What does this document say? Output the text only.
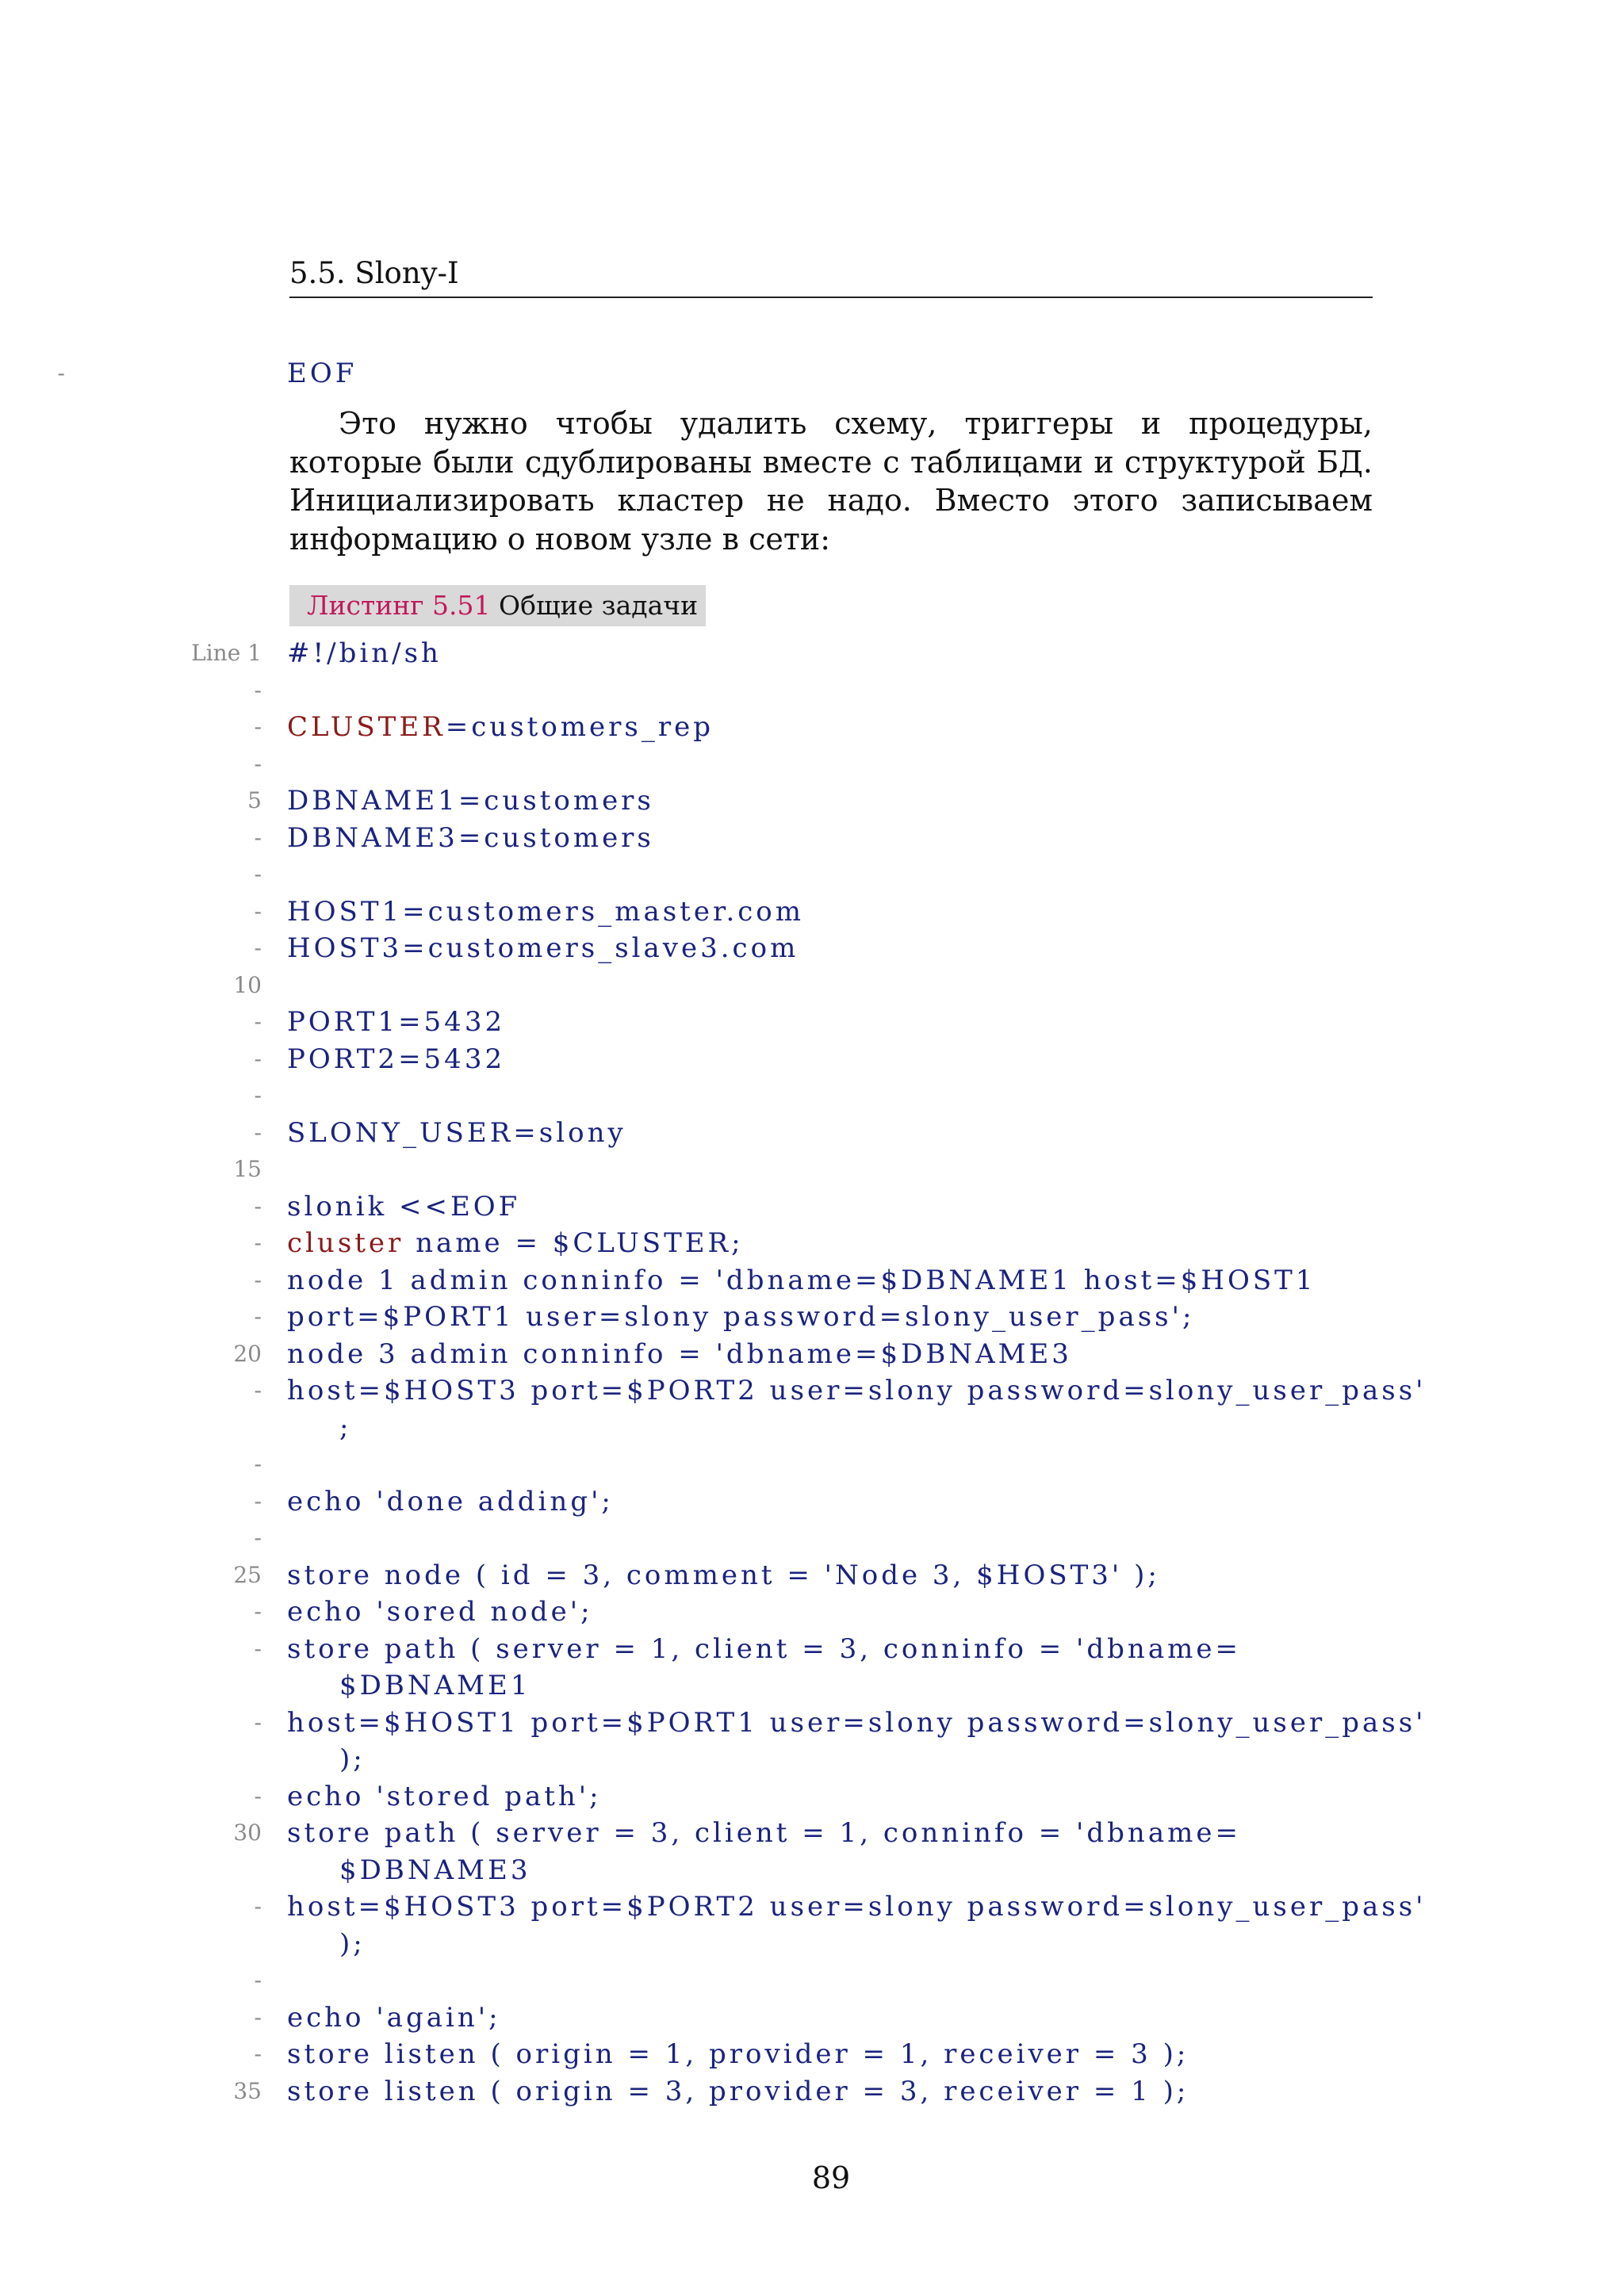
5.5. Slony-I
-	EOF

Это нужно чтобы удалить схему, триггеры и процедуры, которые были сдублированы вместе с таблицами и структурой БД. Инициализировать кластер не надо. Вместо этого записываем информацию о новом узле в сети:

Листинг 5.51 Общие задачи
Line 1 #!/bin/sh
-
- CLUSTER=customers_rep
-
5 DBNAME1=customers
- DBNAME3=customers
-
- HOST1=customers_master.com
- HOST3=customers_slave3.com
10
- PORT1=5432
- PORT2=5432
-
- SLONY_USER=slony
15
- slonik <<EOF
- cluster name = $CLUSTER;
- node 1 admin conninfo = 'dbname=$DBNAME1 host=$HOST1
- port=$PORT1 user=slony password=slony_user_pass';
20 node 3 admin conninfo = 'dbname=$DBNAME3
- host=$HOST3 port=$PORT2 user=slony password=slony_user_pass'
;
-
- echo 'done adding';
-
25 store node ( id = 3, comment = 'Node 3, $HOST3' );
- echo 'sored node';
- store path ( server = 1, client = 3, conninfo = 'dbname=
$DBNAME1
- host=$HOST1 port=$PORT1 user=slony password=slony_user_pass'
);
- echo 'stored path';
30 store path ( server = 3, client = 1, conninfo = 'dbname=
$DBNAME3
- host=$HOST3 port=$PORT2 user=slony password=slony_user_pass'
);
-
- echo 'again';
- store listen ( origin = 1, provider = 1, receiver = 3 );
35 store listen ( origin = 3, provider = 3, receiver = 1 );
89
